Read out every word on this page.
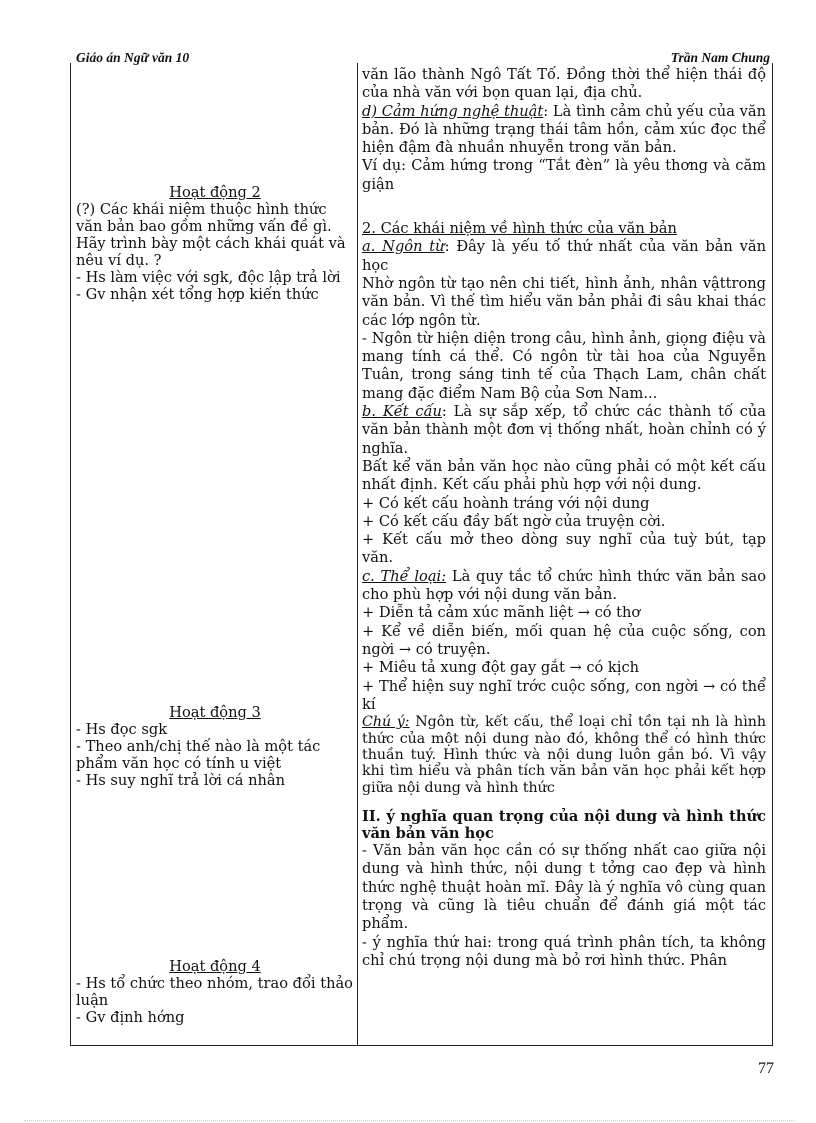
Giáo án Ngữ văn 10	Trần Nam Chung
Hoạt động 2
(?) Các khái niệm thuộc hình thức văn bản bao gồm những vấn đề gì. Hãy trình bày một cách khái quát và nêu ví dụ. ?
- Hs làm việc với sgk, độc lập trả lời
- Gv nhận xét tổng hợp kiến thức
Hoạt động 3
- Hs đọc sgk
- Theo anh/chị thế nào là một tác phẩm văn học có tính u việt
- Hs suy nghĩ trả lời cá nhân
Hoạt động 4
- Hs tổ chức theo nhóm, trao đổi thảo luận
- Gv định hớng

văn lão thành Ngô Tất Tố. Đồng thời thể hiện thái độ của nhà văn với bọn quan lại, địa chủ.

d) Cảm hứng nghệ thuật: Là tình cảm chủ yếu của văn bản. Đó là những trạng thái tâm hồn, cảm xúc đọc thể hiện đậm đà nhuần nhuyễn trong văn bản.

Ví dụ: Cảm hứng trong “Tắt đèn” là yêu thơng và căm giận

2. Các khái niệm về hình thức của văn bản

a. Ngôn từ: Đây là yếu tố thứ nhất của văn bản văn học

Nhờ ngôn từ tạo nên chi tiết, hình ảnh, nhân vậttrong văn bản. Vì thế tìm hiểu văn bản phải đi sâu khai thác các lớp ngôn từ.

- Ngôn từ hiện diện trong câu, hình ảnh, giọng điệu và mang tính cá thể. Có ngôn từ tài hoa của Nguyễn Tuân, trong sáng tinh tế của Thạch Lam, chân chất mang đặc điểm Nam Bộ của Sơn Nam...

b. Kết cấu: Là sự sắp xếp, tổ chức các thành tố của văn bản thành một đơn vị thống nhất, hoàn chỉnh có ý nghĩa.

Bất kể văn bản văn học nào cũng phải có một kết cấu nhất định. Kết cấu phải phù hợp với nội dung.

+ Có kết cấu hoành tráng với nội dung

+ Có kết cấu đầy bất ngờ của truyện cời.

+ Kết cấu mở theo dòng suy nghĩ của tuỳ bút, tạp văn.

c. Thể loại: Là quy tắc tổ chức hình thức văn bản sao cho phù hợp với nội dung văn bản.

+ Diễn tả cảm xúc mãnh liệt → có thơ

+ Kể về diễn biến, mối quan hệ của cuộc sống, con ngời → có truyện.

+ Miêu tả xung đột gay gắt → có kịch

+ Thể hiện suy nghĩ trớc cuộc sống, con ngời → có thể kí

Chú ý: Ngôn từ, kết cấu, thể loại chỉ tồn tại nh là hình thức của một nội dung nào đó, không thể có hình thức thuần tuý. Hình thức và nội dung luôn gắn bó. Vì vậy khi tìm hiểu và phân tích văn bản văn học phải kết hợp giữa nội dung và hình thức

II. ý nghĩa quan trọng của nội dung và hình thức văn bản văn học

- Văn bản văn học cần có sự thống nhất cao giữa nội dung và hình thức, nội dung t tởng cao đẹp và hình thức nghệ thuật hoàn mĩ. Đây là ý nghĩa vô cùng quan trọng và cũng là tiêu chuẩn để đánh giá một tác phẩm.

- ý nghĩa thứ hai: trong quá trình phân tích, ta không chỉ chú trọng nội dung mà bỏ rơi hình thức. Phân

77
